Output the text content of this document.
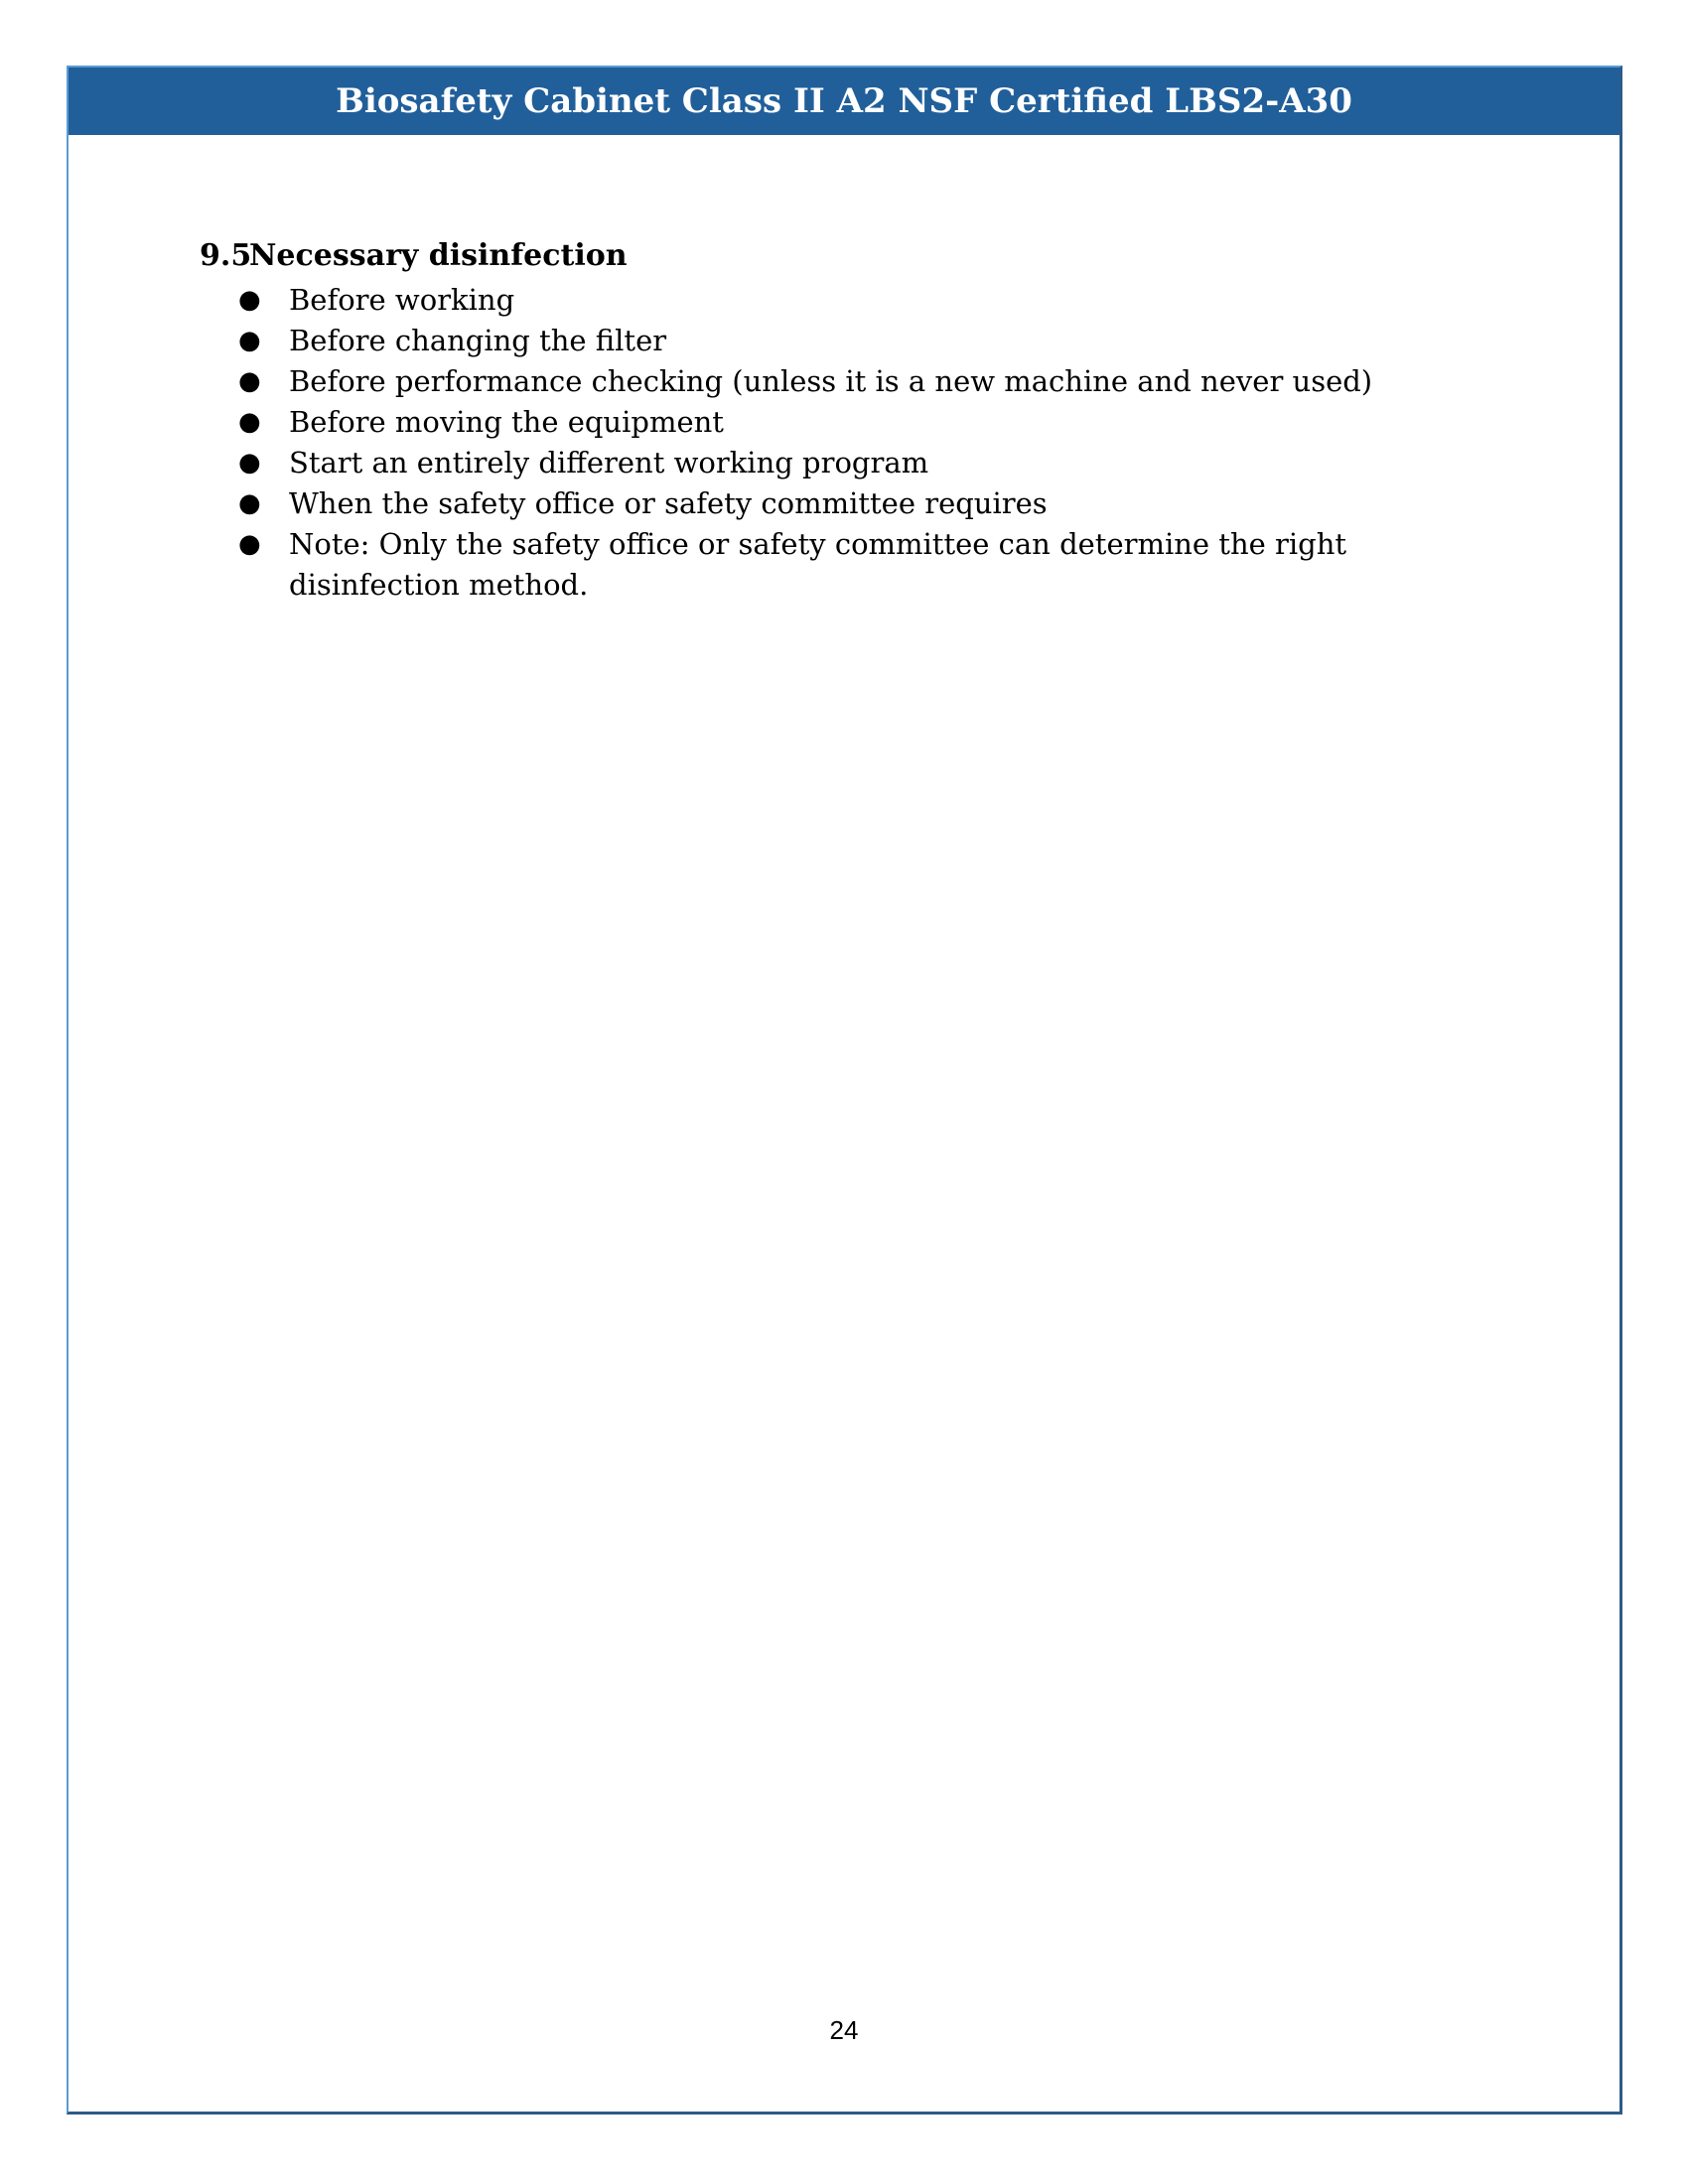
Biosafety Cabinet Class II A2 NSF Certified LBS2-A30
9.5Necessary disinfection
● Before working
● Before changing the filter
● Before performance checking (unless it is a new machine and never used)
● Before moving the equipment
● Start an entirely different working program
● When the safety office or safety committee requires
● Note: Only the safety office or safety committee can determine the right disinfection method.
24
